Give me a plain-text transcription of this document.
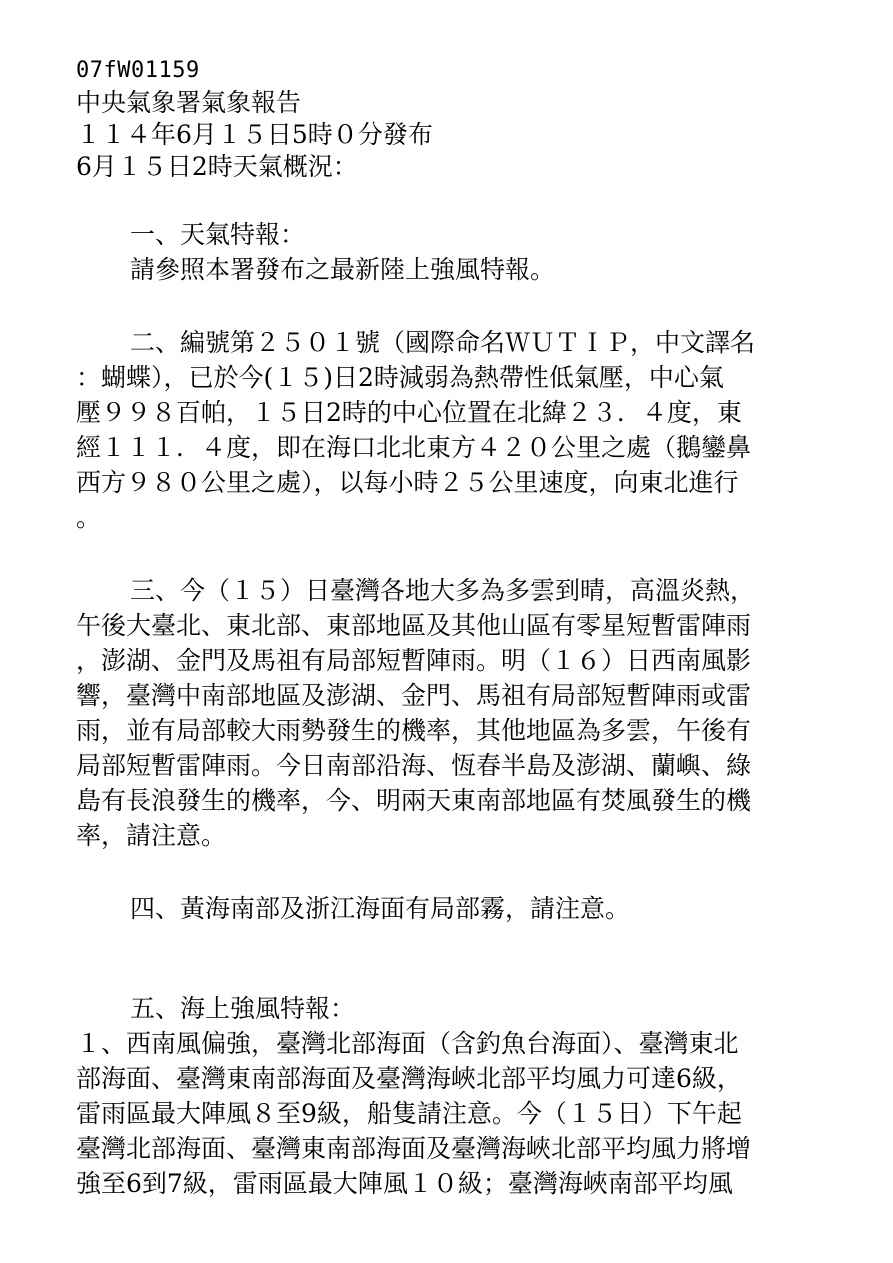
07fW01159
中央氣象署氣象報告
１１４年6月１５日5時０分發布
6月１５日2時天氣概況：
一、天氣特報：
請參照本署發布之最新陸上強風特報。
二、編號第２５０１號（國際命名ＷＵＴＩＰ，中文譯名
：蝴蝶），已於今(１５)日2時減弱為熱帶性低氣壓，中心氣
壓９９８百帕，１５日2時的中心位置在北緯２３．４度，東
經１１１．４度，即在海口北北東方４２０公里之處（鵝鑾鼻
西方９８０公里之處），以每小時２５公里速度，向東北進行
。
三、今（１５）日臺灣各地大多為多雲到晴，高溫炎熱，
午後大臺北、東北部、東部地區及其他山區有零星短暫雷陣雨
，澎湖、金門及馬祖有局部短暫陣雨。明（１６）日西南風影
響，臺灣中南部地區及澎湖、金門、馬祖有局部短暫陣雨或雷
雨，並有局部較大雨勢發生的機率，其他地區為多雲，午後有
局部短暫雷陣雨。今日南部沿海、恆春半島及澎湖、蘭嶼、綠
島有長浪發生的機率，今、明兩天東南部地區有焚風發生的機
率，請注意。
四、黃海南部及浙江海面有局部霧，請注意。
五、海上強風特報：
１、西南風偏強，臺灣北部海面（含釣魚台海面）、臺灣東北
部海面、臺灣東南部海面及臺灣海峽北部平均風力可達6級，
雷雨區最大陣風８至9級，船隻請注意。今（１５日）下午起
臺灣北部海面、臺灣東南部海面及臺灣海峽北部平均風力將增
強至6到7級，雷雨區最大陣風１０級；臺灣海峽南部平均風
